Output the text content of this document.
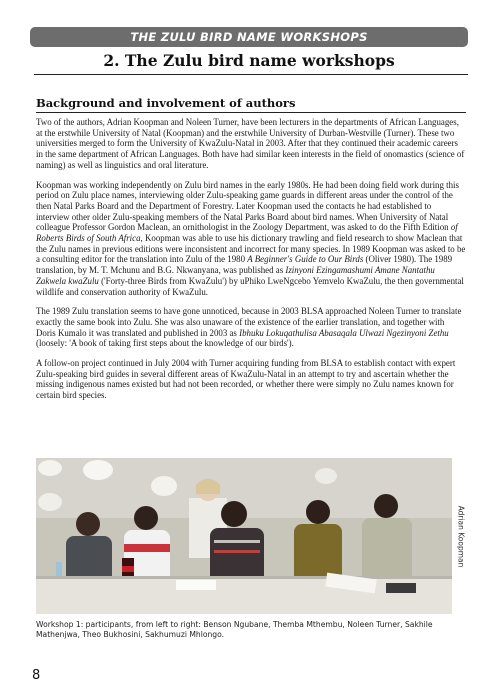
THE ZULU BIRD NAME WORKSHOPS
2. The Zulu bird name workshops
Background and involvement of authors

Two of the authors, Adrian Koopman and Noleen Turner, have been lecturers in the departments of African Languages, at the erstwhile University of Natal (Koopman) and the erstwhile University of Durban-Westville (Turner). These two universities merged to form the University of KwaZulu-Natal in 2003. After that they continued their academic careers in the same department of African Languages. Both have had similar keen interests in the field of onomastics (science of naming) as well as linguistics and oral literature.

Koopman was working independently on Zulu bird names in the early 1980s. He had been doing field work during this period on Zulu place names, interviewing older Zulu-speaking game guards in different areas under the control of the then Natal Parks Board and the Department of Forestry. Later Koopman used the contacts he had established to interview other older Zulu-speaking members of the Natal Parks Board about bird names. When University of Natal colleague Professor Gordon Maclean, an ornithologist in the Zoology Department, was asked to do the Fifth Edition of Roberts Birds of South Africa, Koopman was able to use his dictionary trawling and field research to show Maclean that the Zulu names in previous editions were inconsistent and incorrect for many species. In 1989 Koopman was asked to be a consulting editor for the translation into Zulu of the 1980 A Beginner's Guide to Our Birds (Oliver 1980). The 1989 translation, by M. T. Mchunu and B.G. Nkwanyana, was published as Izinyoni Ezingamashumi Amane Nantathu Zakwela kwaZulu ('Forty-three Birds from KwaZulu') by uPhiko LweNgcebo Yemvelo KwaZulu, the then governmental wildlife and conservation authority of KwaZulu.

The 1989 Zulu translation seems to have gone unnoticed, because in 2003 BLSA approached Noleen Turner to translate exactly the same book into Zulu. She was also unaware of the existence of the earlier translation, and together with Doris Kumalo it was translated and published in 2003 as Ibhuku Lokuqathulisa Abasaqala Ulwazi Ngezinyoni Zethu (loosely: 'A book of taking first steps about the knowledge of our birds').

A follow-on project continued in July 2004 with Turner acquiring funding from BLSA to establish contact with expert Zulu-speaking bird guides in several different areas of KwaZulu-Natal in an attempt to try and ascertain whether the missing indigenous names existed but had not been recorded, or whether there were simply no Zulu names known for certain bird species.

Adrian Koopman
Workshop 1: participants, from left to right: Benson Ngubane, Themba Mthembu, Noleen Turner, Sakhile Mathenjwa, Theo Bukhosini, Sakhumuzi Mhlongo.
8
